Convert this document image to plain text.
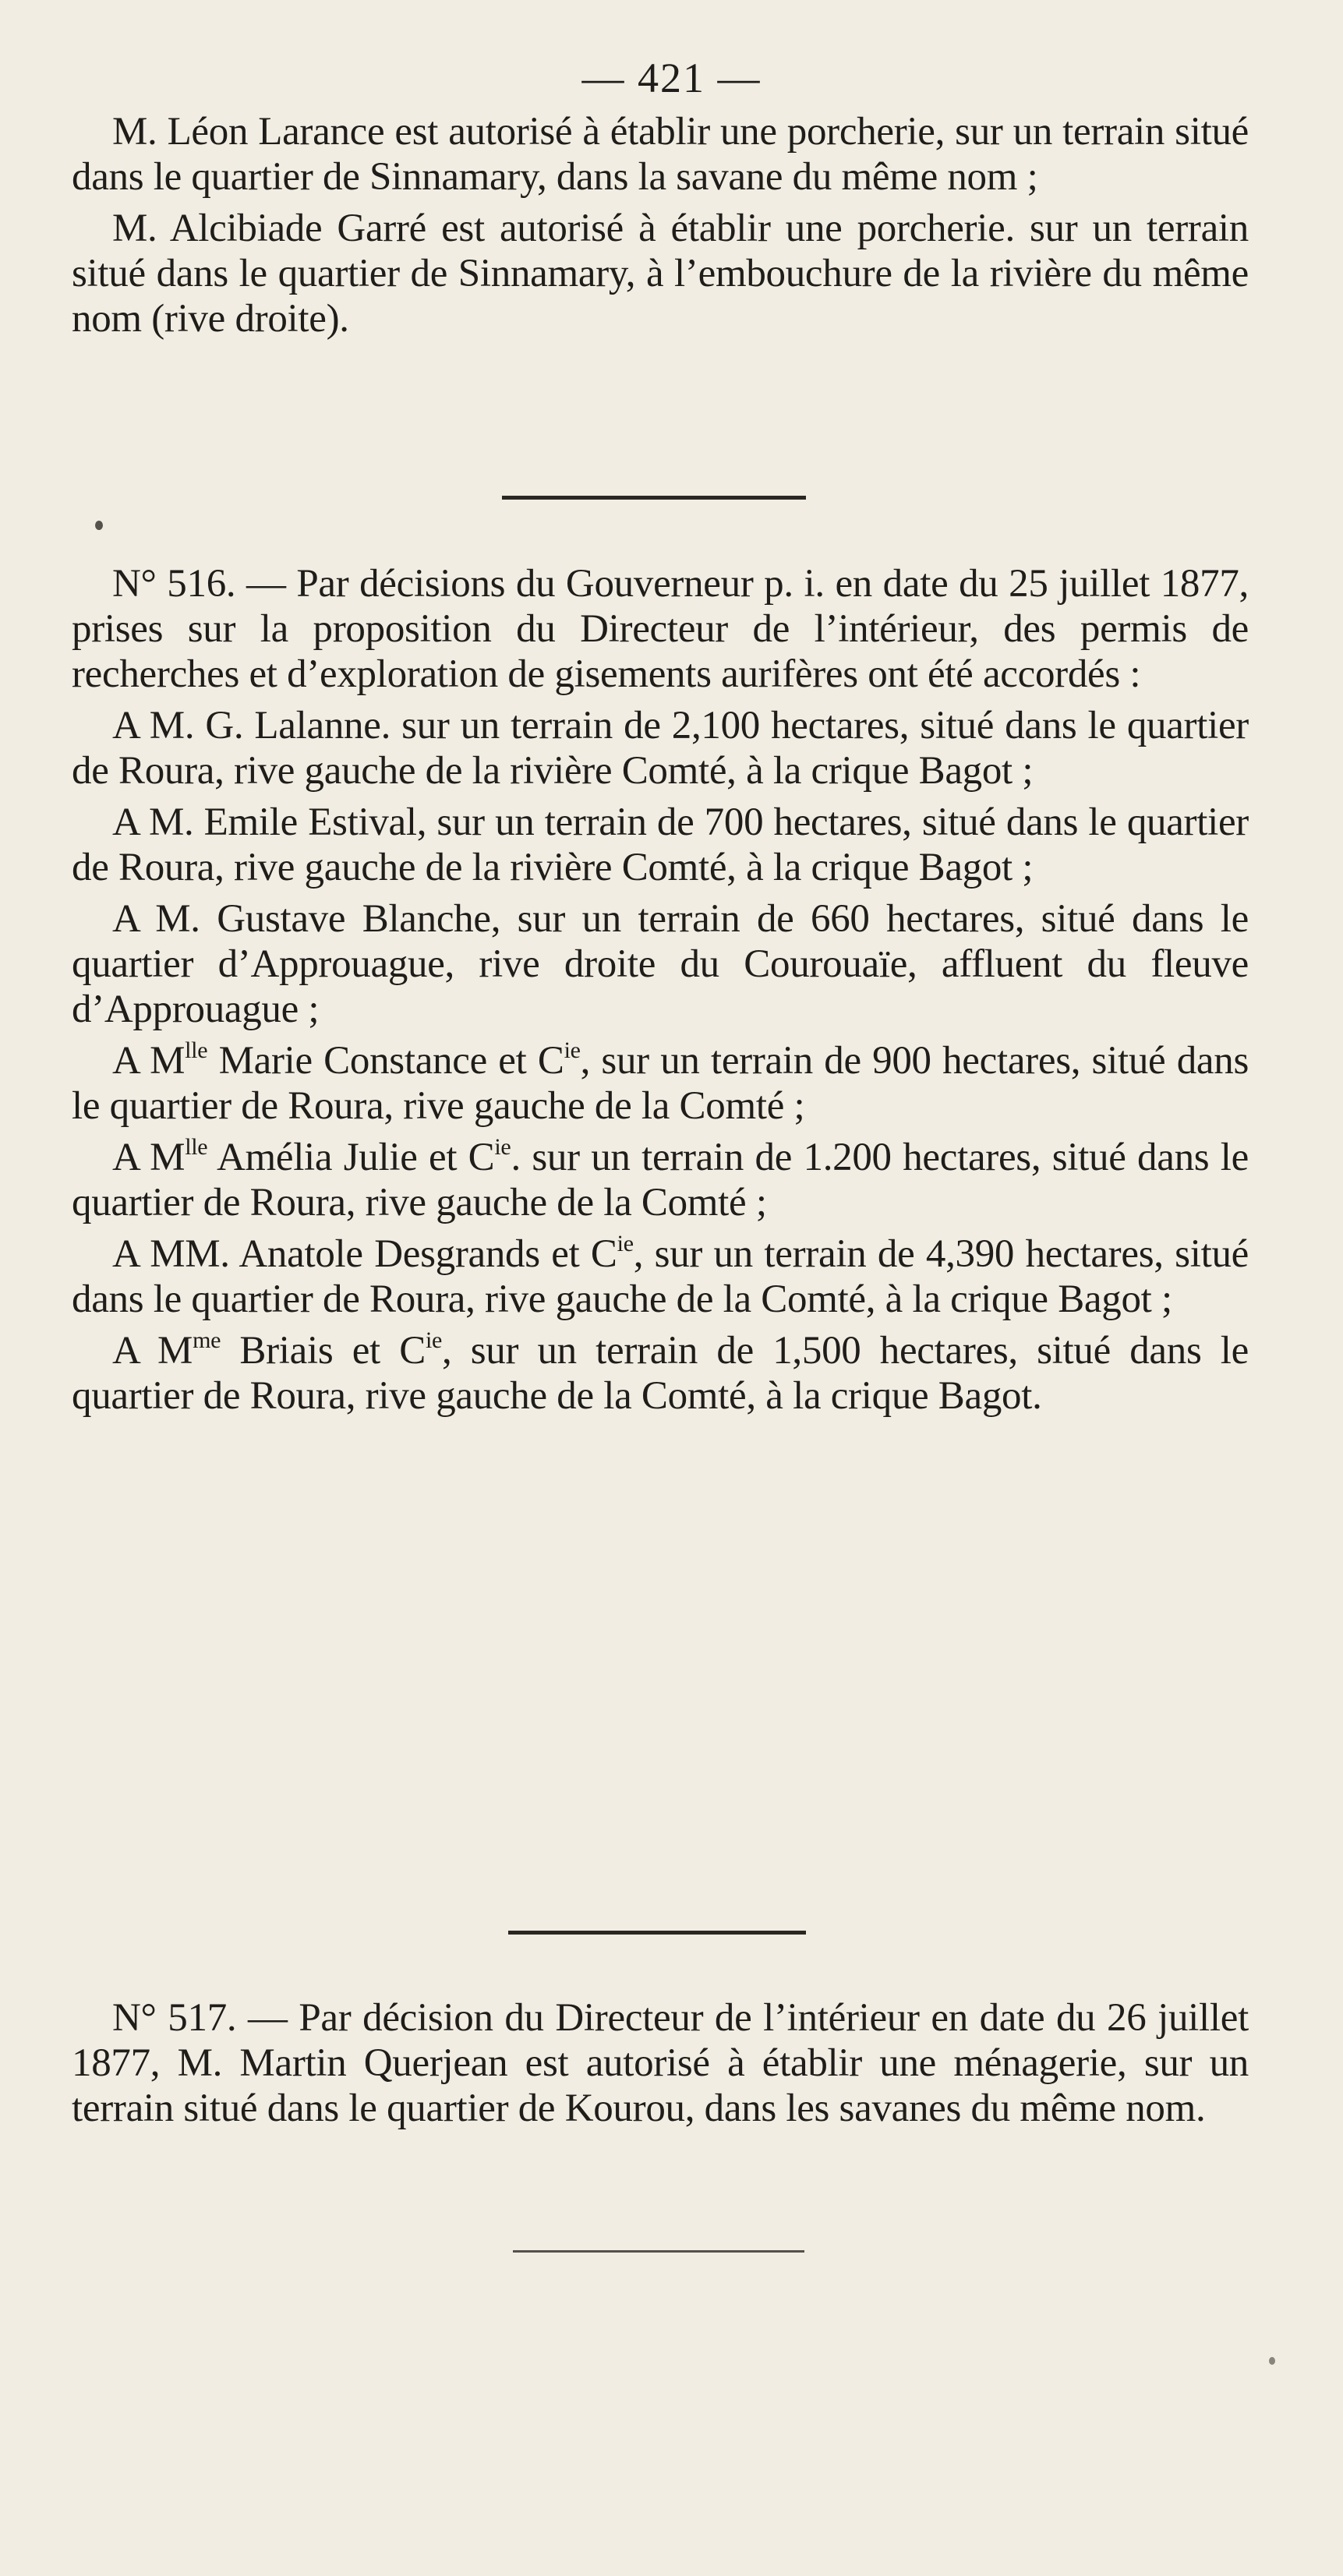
— 421 —

M. Léon Larance est autorisé à établir une porcherie, sur un terrain situé dans le quartier de Sinnamary, dans la savane du même nom ;

M. Alcibiade Garré est autorisé à établir une porcherie. sur un terrain situé dans le quartier de Sinnamary, à l’embouchure de la rivière du même nom (rive droite).

N° 516. — Par décisions du Gouverneur p. i. en date du 25 juillet 1877, prises sur la proposition du Directeur de l’intérieur, des permis de recherches et d’exploration de gisements aurifères ont été accordés :

A M. G. Lalanne. sur un terrain de 2,100 hectares, situé dans le quartier de Roura, rive gauche de la rivière Comté, à la crique Bagot ;

A M. Emile Estival, sur un terrain de 700 hectares, situé dans le quartier de Roura, rive gauche de la rivière Comté, à la crique Bagot ;

A M. Gustave Blanche, sur un terrain de 660 hectares, situé dans le quartier d’Approuague, rive droite du Courouaïe, affluent du fleuve d’Approuague ;

A $M^{lle}$ Marie Constance et $C^{ie}$, sur un terrain de 900 hectares, situé dans le quartier de Roura, rive gauche de la Comté ;

A $M^{lle}$ Amélia Julie et $C^{ie}$. sur un terrain de 1.200 hectares, situé dans le quartier de Roura, rive gauche de la Comté ;

A MM. Anatole Desgrands et $C^{ie}$, sur un terrain de 4,390 hectares, situé dans le quartier de Roura, rive gauche de la Comté, à la crique Bagot ;

A $M^{me}$ Briais et $C^{ie}$, sur un terrain de 1,500 hectares, situé dans le quartier de Roura, rive gauche de la Comté, à la crique Bagot.

N° 517. — Par décision du Directeur de l’intérieur en date du 26 juillet 1877, M. Martin Querjean est autorisé à établir une ménagerie, sur un terrain situé dans le quartier de Kourou, dans les savanes du même nom.
